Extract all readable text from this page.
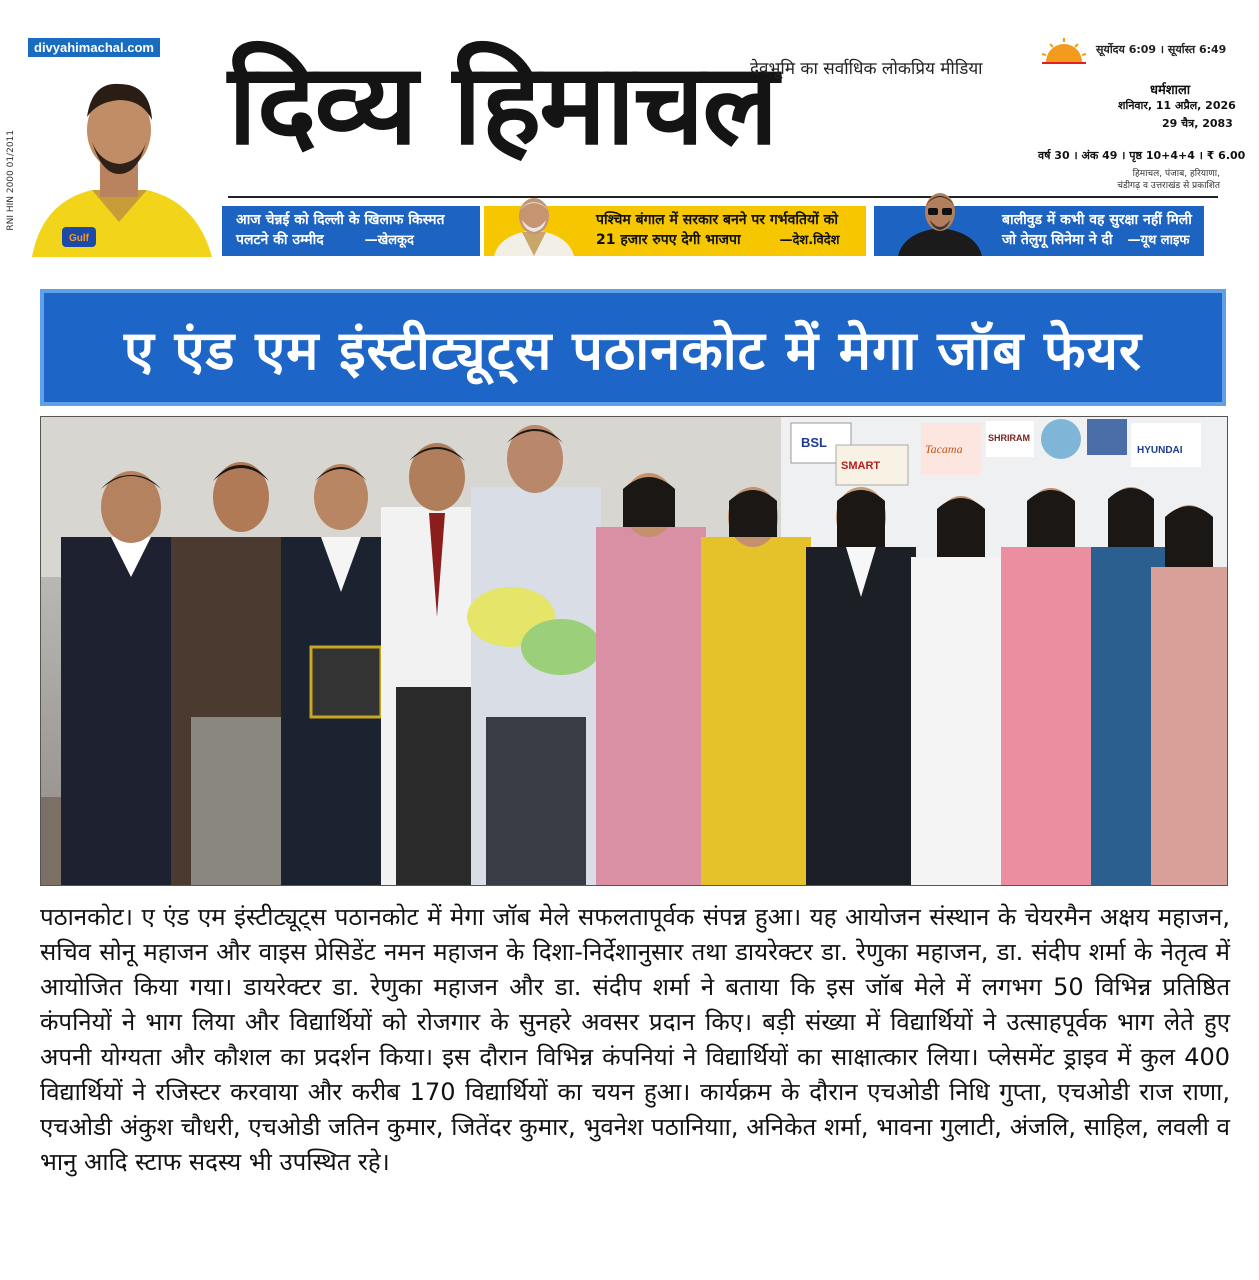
divyahimachal.com
RNI HIN 2000 01/2011
Gulf
दिव्य हिमाचल
देवभूमि का सर्वाधिक लोकप्रिय मीडिया
सूर्योदय 6:09 । सूर्यास्त 6:49
धर्मशाला
शनिवार, 11 अप्रैल, 2026
29 चैत्र, 2083
वर्ष 30 । अंक 49 । पृष्ठ 10+4+4 । ₹ 6.00
हिमाचल, पंजाब, हरियाणा, चंडीगढ़ व उत्तराखंड से प्रकाशित

आज चेन्नई को दिल्ली के खिलाफ किस्मत

पलटने की उम्मीद	—खेलकूद

पश्चिम बंगाल में सरकार बनने पर गर्भवतियों को

21 हजार रुपए देगी भाजपा	—देश.विदेश

बालीवुड में कभी वह सुरक्षा नहीं मिली

जो तेलुगू सिनेमा ने दी —यूथ लाइफ

ए एंड एम इंस्टीट्यूट्स पठानकोट में मेगा जॉब फेयर
BSL
SMART
Tacama
SHRIRAM
HYUNDAI
पठानकोट। ए एंड एम इंस्टीट्यूट्स पठानकोट में मेगा जॉब मेले सफलतापूर्वक संपन्न हुआ। यह आयोजन संस्थान के चेयरमैन अक्षय महाजन, सचिव सोनू महाजन और वाइस प्रेसिडेंट नमन महाजन के दिशा-निर्देशानुसार तथा डायरेक्टर डा. रेणुका महाजन, डा. संदीप शर्मा के नेतृत्व में आयोजित किया गया। डायरेक्टर डा. रेणुका महाजन और डा. संदीप शर्मा ने बताया कि इस जॉब मेले में लगभग 50 विभिन्न प्रतिष्ठित कंपनियों ने भाग लिया और विद्यार्थियों को रोजगार के सुनहरे अवसर प्रदान किए। बड़ी संख्या में विद्यार्थियों ने उत्साहपूर्वक भाग लेते हुए अपनी योग्यता और कौशल का प्रदर्शन किया। इस दौरान विभिन्न कंपनियां ने विद्यार्थियों का साक्षात्कार लिया। प्लेसमेंट ड्राइव में कुल 400 विद्यार्थियों ने रजिस्टर करवाया और करीब 170 विद्यार्थियों का चयन हुआ। कार्यक्रम के दौरान एचओडी निधि गुप्ता, एचओडी राज राणा, एचओडी अंकुश चौधरी, एचओडी जतिन कुमार, जितेंदर कुमार, भुवनेश पठानियाा, अनिकेत शर्मा, भावना गुलाटी, अंजलि, साहिल, लवली व भानु आदि स्टाफ सदस्य भी उपस्थित रहे।
